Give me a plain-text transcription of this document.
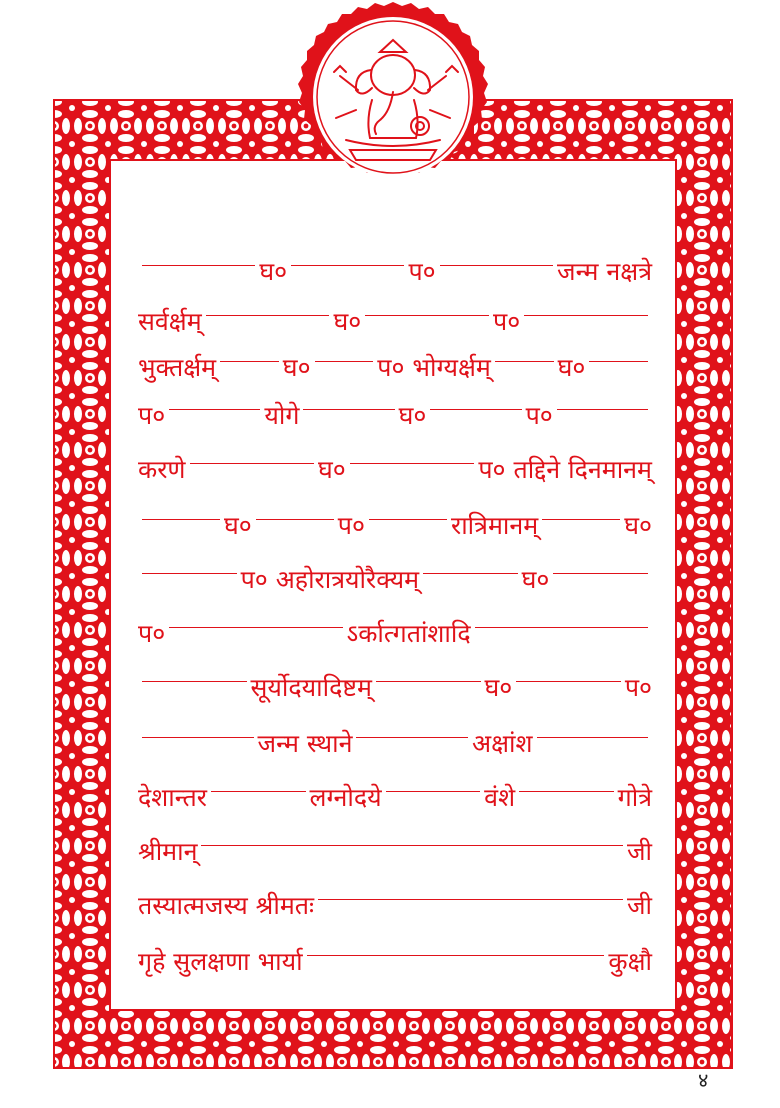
घ०	प०	जन्म नक्षत्रे
सर्वर्क्षम्	घ०	प०
भुक्तर्क्षम्	घ०	प० भोग्यर्क्षम्	घ०
प०	योगे	घ०	प०
करणे	घ०	प० तद्दिने दिनमानम्
घ०	प०	रात्रिमानम्	घ०
प० अहोरात्रयोरैक्यम्	घ०
प०	ऽर्कात्गतांशादि
सूर्योदयादिष्टम्	घ०	प०
जन्म स्थाने	अक्षांश
देशान्तर	लग्नोदये	वंशे	गोत्रे
श्रीमान्	जी
तस्यात्मजस्य श्रीमतः	जी
गृहे सुलक्षणा भार्या	कुक्षौ
४
